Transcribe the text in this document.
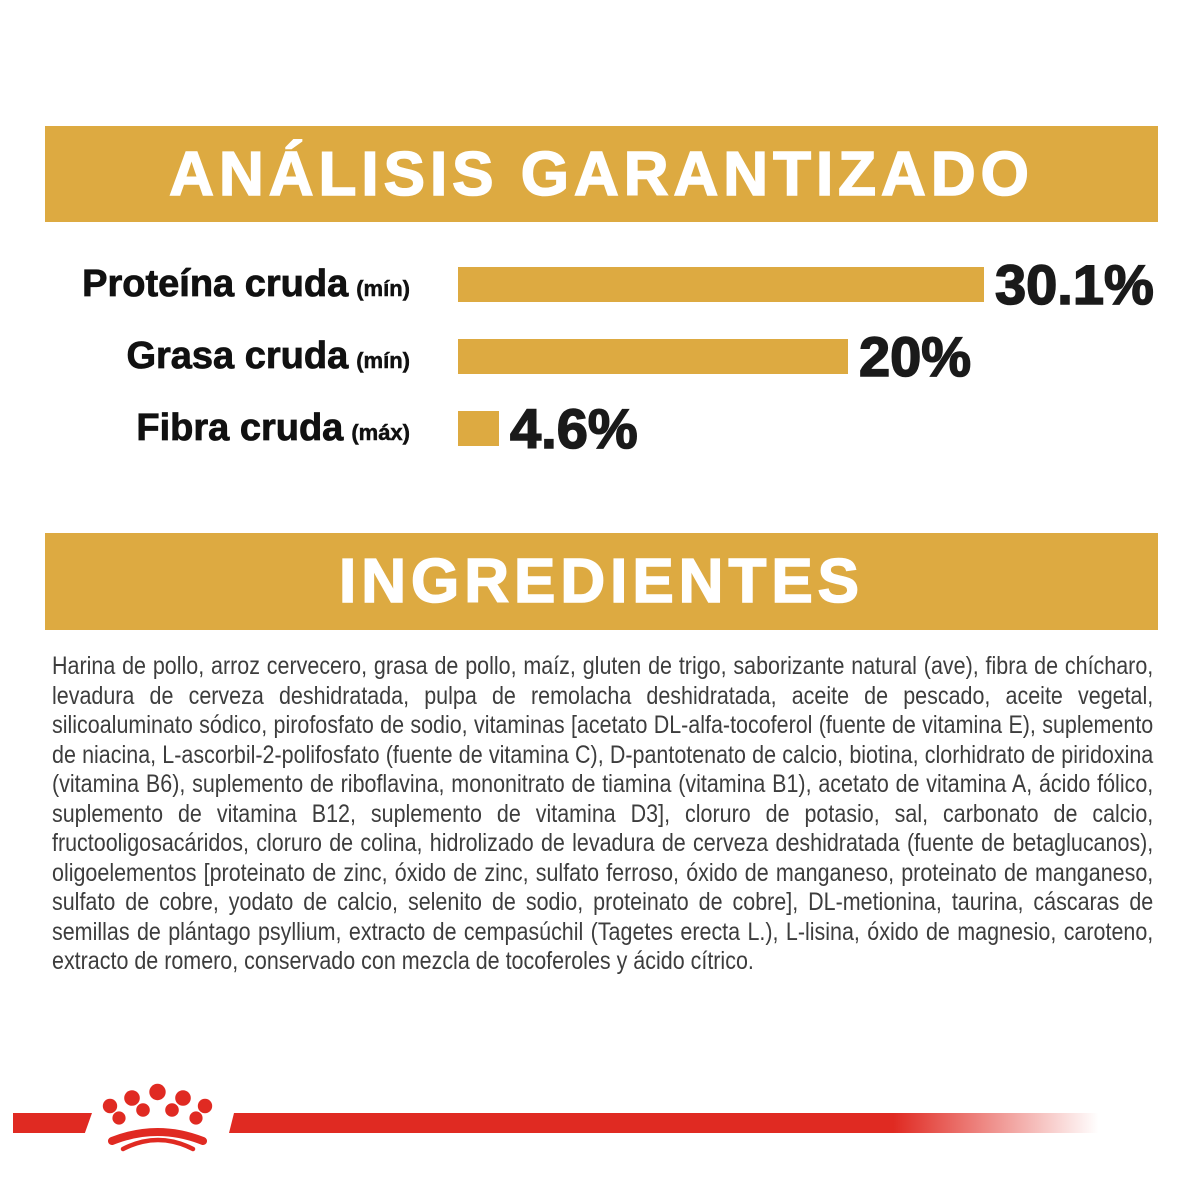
ANÁLISIS GARANTIZADO
Proteína cruda (mín)	30.1%
Grasa cruda (mín)	20%
Fibra cruda (máx) 4.6%
INGREDIENTES
Harina de pollo, arroz cervecero, grasa de pollo, maíz, gluten de trigo, saborizante natural (ave), fibra de chícharo, levadura de cerveza deshidratada, pulpa de remolacha deshidratada, aceite de pescado, aceite vegetal, silicoaluminato sódico, pirofosfato de sodio, vitaminas [acetato DL-alfa-tocoferol (fuente de vitamina E), suplemento de niacina, L-ascorbil-2-polifosfato (fuente de vitamina C), D-pantotenato de calcio, biotina, clorhidrato de piridoxina (vitamina B6), suplemento de riboflavina, mononitrato de tiamina (vitamina B1), acetato de vitamina A, ácido fólico, suplemento de vitamina B12, suplemento de vitamina D3], cloruro de potasio, sal, carbonato de calcio, fructooligosacáridos, cloruro de colina, hidrolizado de levadura de cerveza deshidratada (fuente de betaglucanos), oligoelementos [proteinato de zinc, óxido de zinc, sulfato ferroso, óxido de manganeso, proteinato de manganeso, sulfato de cobre, yodato de calcio, selenito de sodio, proteinato de cobre], DL-metionina, taurina, cáscaras de semillas de plántago psyllium, extracto de cempasúchil (Tagetes erecta L.), L-lisina, óxido de magnesio, caroteno, extracto de romero, conservado con mezcla de tocoferoles y ácido cítrico.
